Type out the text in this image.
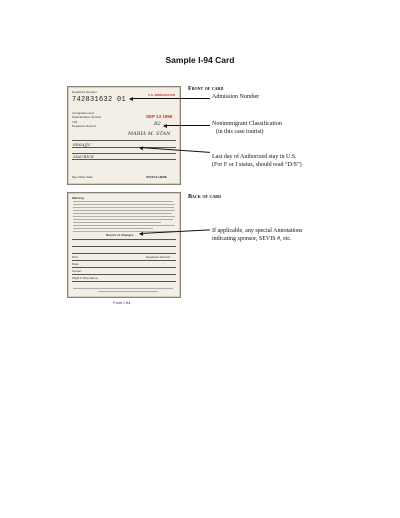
Sample I-94 Card
Departure Number
742831632 01
U.S. IMMIGRATION
SEP 13 1996
B2
Immigration and
Naturalization Service
I-94
Departure Record
MARIA M. STAN
ERSAJJC
MAURICE
See Other Side	STAPLE HERE
Front of card
Admission Number
Nonimmigrant Classification
(in this case tourist)
Last day of Authorized stay in U.S.
(For F or J status, should read “D/S”)
Warning
Record of Changes
Port:	Departure Record
Date:
Carrier:
Flight # Ship Name:
Back of card
If applicable, any special Annotations
indicating sponsor, SEVIS #, etc.
Form I-94
